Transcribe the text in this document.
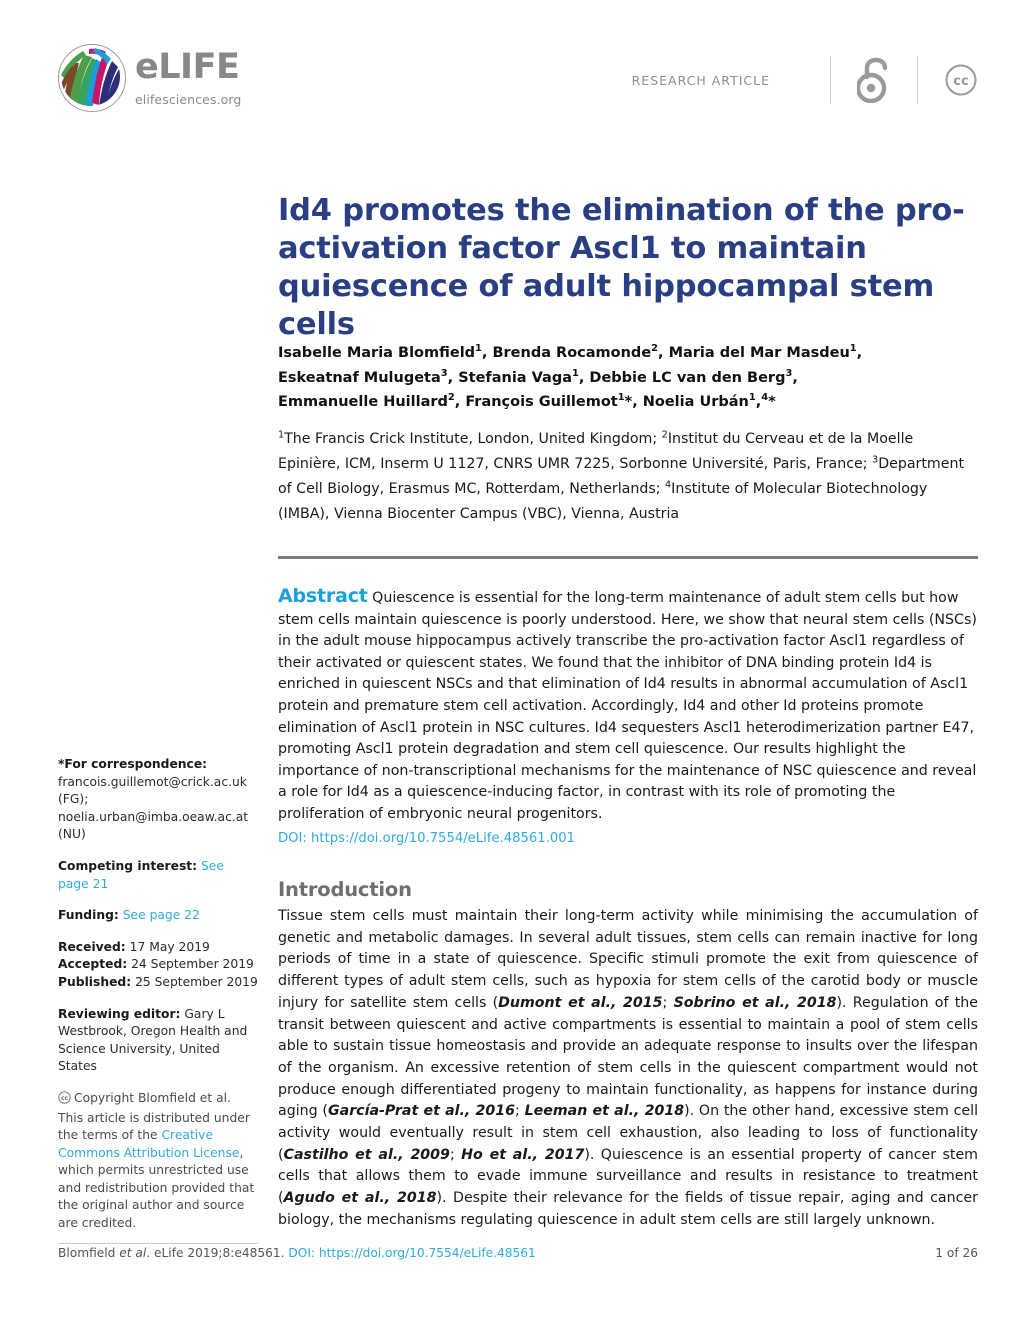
eLIFE
elifesciences.org
RESEARCH ARTICLE	cc
Id4 promotes the elimination of the pro-activation factor Ascl1 to maintain quiescence of adult hippocampal stem cells
Isabelle Maria Blomfield$^1$, Brenda Rocamonde$^2$, Maria del Mar Masdeu$^1$,
Eskeatnaf Mulugeta$^3$, Stefania Vaga$^1$, Debbie LC van den Berg$^3$,
Emmanuelle Huillard$^2$, François Guillemot$^1$*, Noelia Urbán$^1$,$^4$*
$^1$The Francis Crick Institute, London, United Kingdom; $^2$Institut du Cerveau et de la Moelle Epinière, ICM, Inserm U 1127, CNRS UMR 7225, Sorbonne Université, Paris, France; $^3$Department of Cell Biology, Erasmus MC, Rotterdam, Netherlands; $^4$Institute of Molecular Biotechnology (IMBA), Vienna Biocenter Campus (VBC), Vienna, Austria

Abstract Quiescence is essential for the long-term maintenance of adult stem cells but how stem cells maintain quiescence is poorly understood. Here, we show that neural stem cells (NSCs) in the adult mouse hippocampus actively transcribe the pro-activation factor Ascl1 regardless of their activated or quiescent states. We found that the inhibitor of DNA binding protein Id4 is enriched in quiescent NSCs and that elimination of Id4 results in abnormal accumulation of Ascl1 protein and premature stem cell activation. Accordingly, Id4 and other Id proteins promote elimination of Ascl1 protein in NSC cultures. Id4 sequesters Ascl1 heterodimerization partner E47, promoting Ascl1 protein degradation and stem cell quiescence. Our results highlight the importance of non-transcriptional mechanisms for the maintenance of NSC quiescence and reveal a role for Id4 as a quiescence-inducing factor, in contrast with its role of promoting the proliferation of embryonic neural progenitors.

DOI: https://doi.org/10.7554/eLife.48561.001
Introduction
Tissue stem cells must maintain their long-term activity while minimising the accumulation of genetic and metabolic damages. In several adult tissues, stem cells can remain inactive for long periods of time in a state of quiescence. Specific stimuli promote the exit from quiescence of different types of adult stem cells, such as hypoxia for stem cells of the carotid body or muscle injury for satellite stem cells (Dumont et al., 2015; Sobrino et al., 2018). Regulation of the transit between quiescent and active compartments is essential to maintain a pool of stem cells able to sustain tissue homeostasis and provide an adequate response to insults over the lifespan of the organism. An excessive retention of stem cells in the quiescent compartment would not produce enough differentiated progeny to maintain functionality, as happens for instance during aging (García-Prat et al., 2016; Leeman et al., 2018). On the other hand, excessive stem cell activity would eventually result in stem cell exhaustion, also leading to loss of functionality (Castilho et al., 2009; Ho et al., 2017). Quiescence is an essential property of cancer stem cells that allows them to evade immune surveillance and results in resistance to treatment (Agudo et al., 2018). Despite their relevance for the fields of tissue repair, aging and cancer biology, the mechanisms regulating quiescence in adult stem cells are still largely unknown.
*For correspondence:
francois.guillemot@crick.ac.uk
(FG);
noelia.urban@imba.oeaw.ac.at
(NU)
Competing interest: See page 21
Funding: See page 22
Received: 17 May 2019
Accepted: 24 September 2019
Published: 25 September 2019
Reviewing editor: Gary L Westbrook, Oregon Health and Science University, United States
cc Copyright Blomfield et al. This article is distributed under the terms of the Creative Commons Attribution License, which permits unrestricted use and redistribution provided that the original author and source are credited.
Blomfield et al. eLife 2019;8:e48561. DOI: https://doi.org/10.7554/eLife.48561	1 of 26
